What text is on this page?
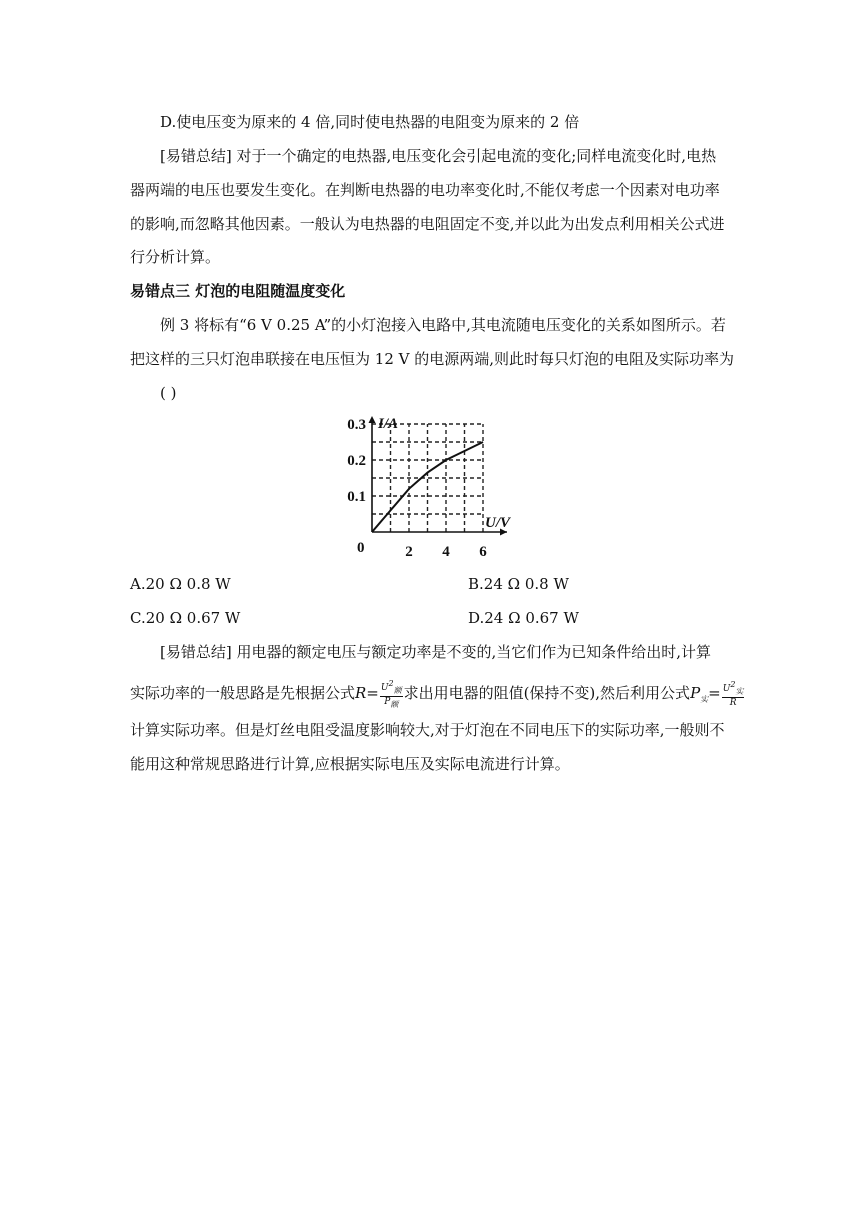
D.使电压变为原来的 4 倍,同时使电热器的电阻变为原来的 2 倍
[易错总结] 对于一个确定的电热器,电压变化会引起电流的变化;同样电流变化时,电热
器两端的电压也要发生变化。在判断电热器的电功率变化时,不能仅考虑一个因素对电功率
的影响,而忽略其他因素。一般认为电热器的电阻固定不变,并以此为出发点利用相关公式进
行分析计算。
易错点三 灯泡的电阻随温度变化
例 3 将标有“6 V 0.25 A”的小灯泡接入电路中,其电流随电压变化的关系如图所示。若
把这样的三只灯泡串联接在电压恒为 12 V 的电源两端,则此时每只灯泡的电阻及实际功率为
( )
I/A
U/V
0	2 4 6
0.1
0.2
0.3
A.20 Ω 0.8 W	B.24 Ω 0.8 W
C.20 Ω 0.67 W	D.24 Ω 0.67 W
[易错总结] 用电器的额定电压与额定功率是不变的,当它们作为已知条件给出时,计算
实际功率的一般思路是先根据公式$R= \frac{U^2_额}{P_额}$ 求出用电器的阻值(保持不变),然后利用公式$P_实= \frac{U^2_实}{R}$
计算实际功率。但是灯丝电阻受温度影响较大,对于灯泡在不同电压下的实际功率,一般则不
能用这种常规思路进行计算,应根据实际电压及实际电流进行计算。
